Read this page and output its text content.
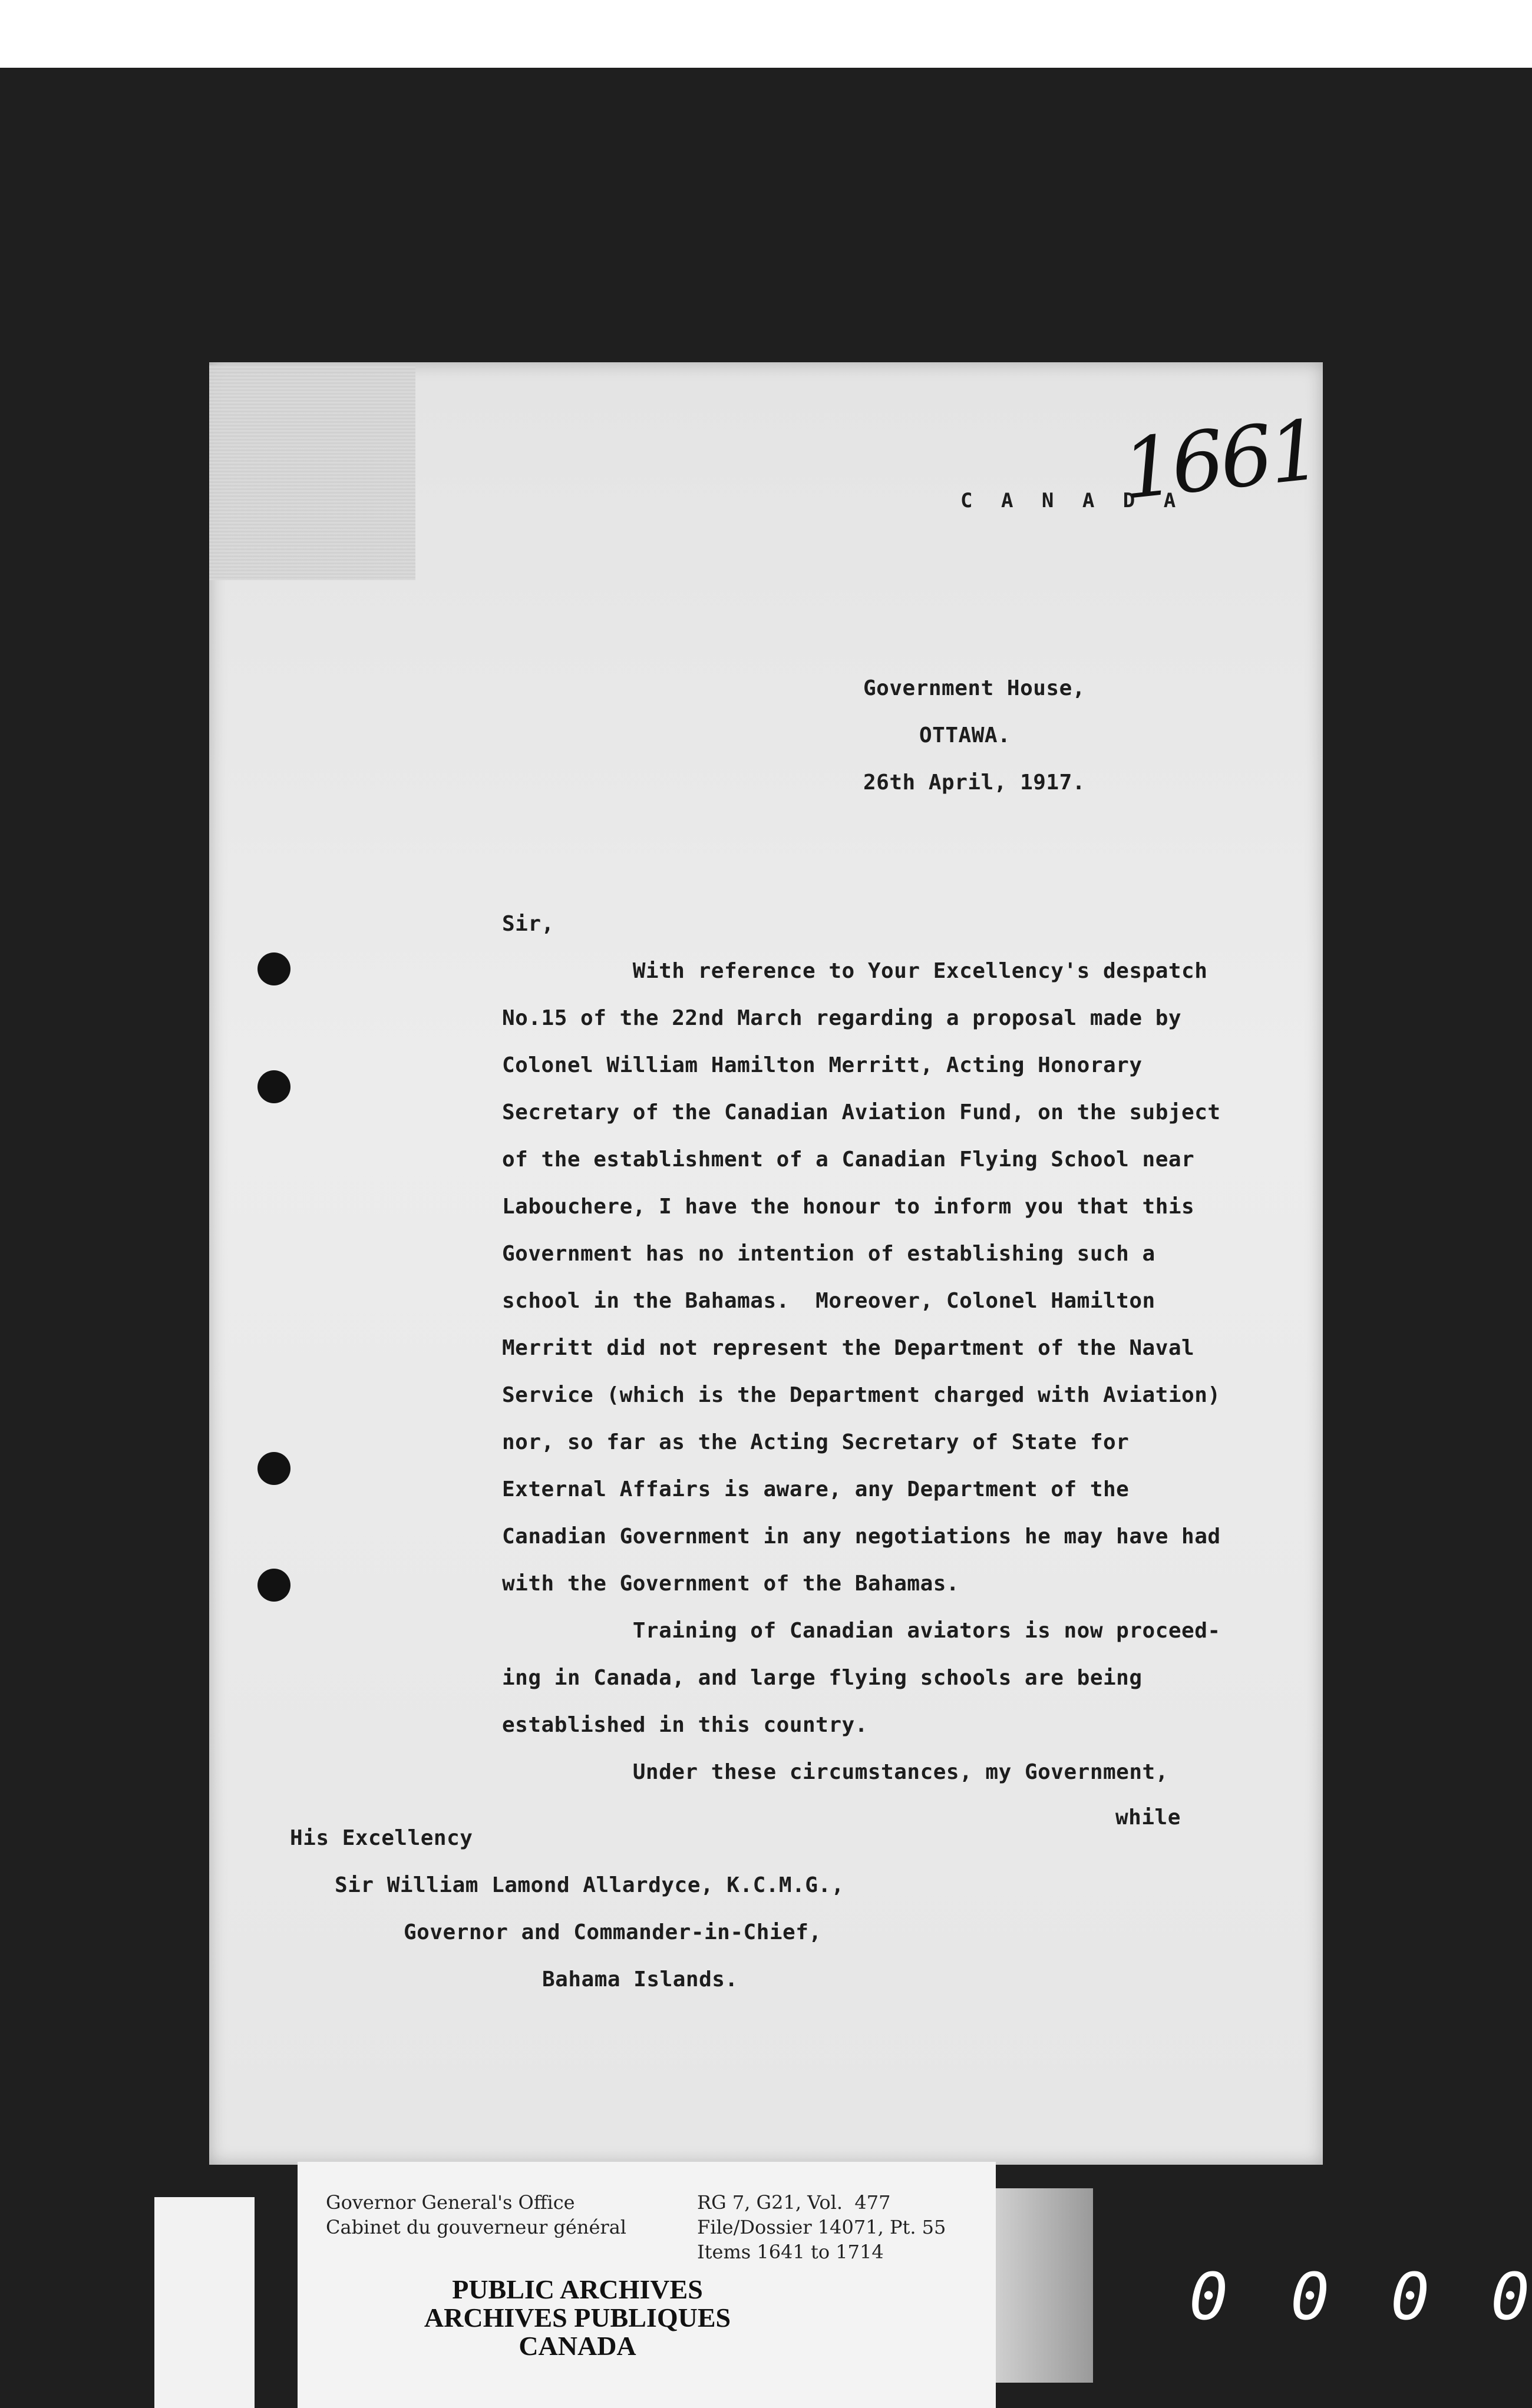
C A N A D A
1661
Government House,
OTTAWA.
26th April, 1917.
Sir,
With reference to Your Excellency's despatch
No.15 of the 22nd March regarding a proposal made by
Colonel William Hamilton Merritt, Acting Honorary
Secretary of the Canadian Aviation Fund, on the subject
of the establishment of a Canadian Flying School near
Labouchere, I have the honour to inform you that this
Government has no intention of establishing such a
school in the Bahamas.  Moreover, Colonel Hamilton
Merritt did not represent the Department of the Naval
Service (which is the Department charged with Aviation)
nor, so far as the Acting Secretary of State for
External Affairs is aware, any Department of the
Canadian Government in any negotiations he may have had
with the Government of the Bahamas.
Training of Canadian aviators is now proceed-
ing in Canada, and large flying schools are being
established in this country.
Under these circumstances, my Government,
while
His Excellency
Sir William Lamond Allardyce, K.C.M.G.,
Governor and Commander-in-Chief,
Bahama Islands.
Governor General's Office
Cabinet du gouverneur général
RG 7, G21, Vol.  477
File/Dossier 14071, Pt. 55
Items 1641 to 1714
PUBLIC ARCHIVES
ARCHIVES PUBLIQUES
CANADA
0 0 0 0
